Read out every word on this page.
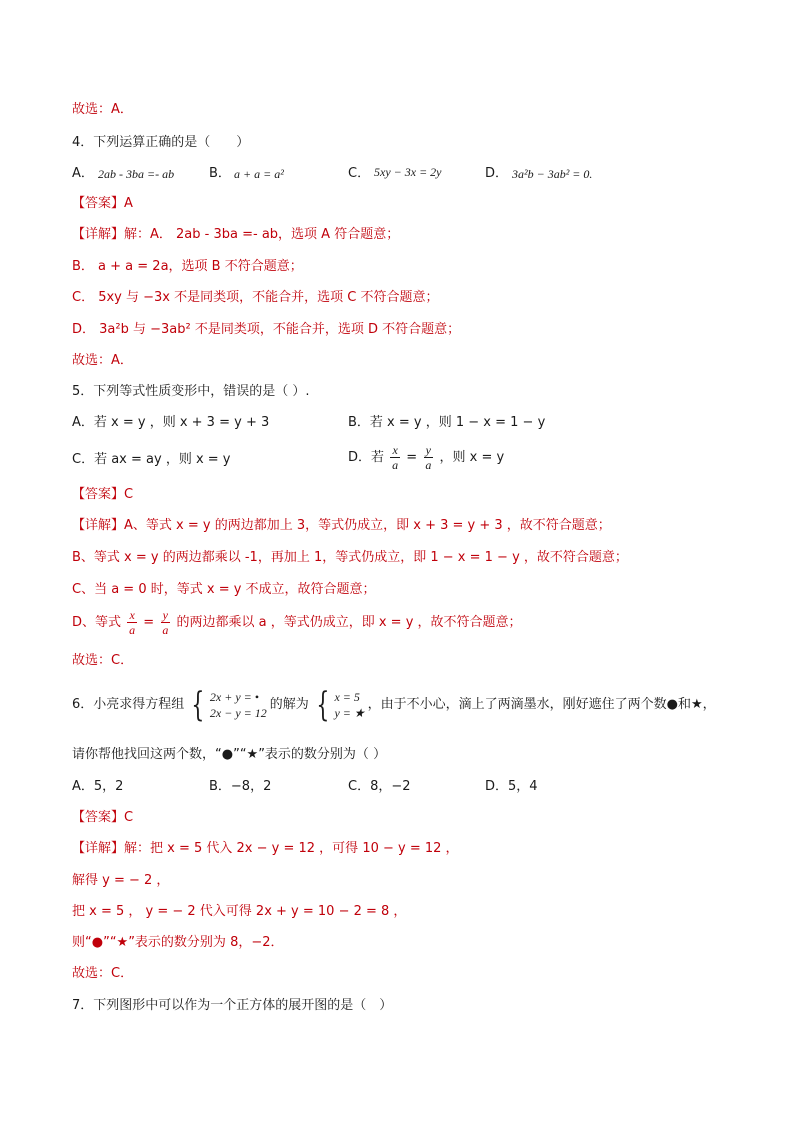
故选：A．
4．下列运算正确的是（　　）
A． 2ab - 3ba =- ab	B． a + a = a²	C． 5xy − 3x = 2y	D． 3a²b − 3ab² = 0.
【答案】A
【详解】解：A． 2ab - 3ba =- ab，选项 A 符合题意；
B． a + a = 2a，选项 B 不符合题意；
C． 5xy 与 −3x 不是同类项，不能合并，选项 C 不符合题意；
D． 3a²b 与 −3ab² 不是同类项，不能合并，选项 D 不符合题意；
故选：A．
5．下列等式性质变形中，错误的是（ ）.
A．若 x = y ，则 x + 3 = y + 3	B．若 x = y ，则 1 − x = 1 − y
C．若 ax = ay ，则 x = y	D．若 $\frac{x}{a} = \frac{y}{a}$ ，则 x = y
【答案】C
【详解】A、等式 x = y 的两边都加上 3，等式仍成立，即 x + 3 = y + 3 ，故不符合题意；
B、等式 x = y 的两边都乘以 -1，再加上 1，等式仍成立，即 1 − x = 1 − y ，故不符合题意；
C、当 a = 0 时，等式 x = y 不成立，故符合题意；
D、等式 $\frac{x}{a} = \frac{y}{a}$ 的两边都乘以 a ，等式仍成立，即 x = y ，故不符合题意；
故选：C．
6．小亮求得方程组 { 2x + y = •
2x − y = 12
的解为 { x = 5
y = ★
，由于不小心，滴上了两滴墨水，刚好遮住了两个数●和★，
请你帮他找回这两个数，“●”“★”表示的数分别为（ ）
A．5，2	B．−8，2	C．8，−2	D．5，4
【答案】C
【详解】解：把 x = 5 代入 2x − y = 12 ，可得 10 − y = 12 ，
解得 y = − 2 ，
把 x = 5 ， y = − 2 代入可得 2x + y = 10 − 2 = 8 ，
则“●”“★”表示的数分别为 8，−2．
故选：C．
7．下列图形中可以作为一个正方体的展开图的是（　）
